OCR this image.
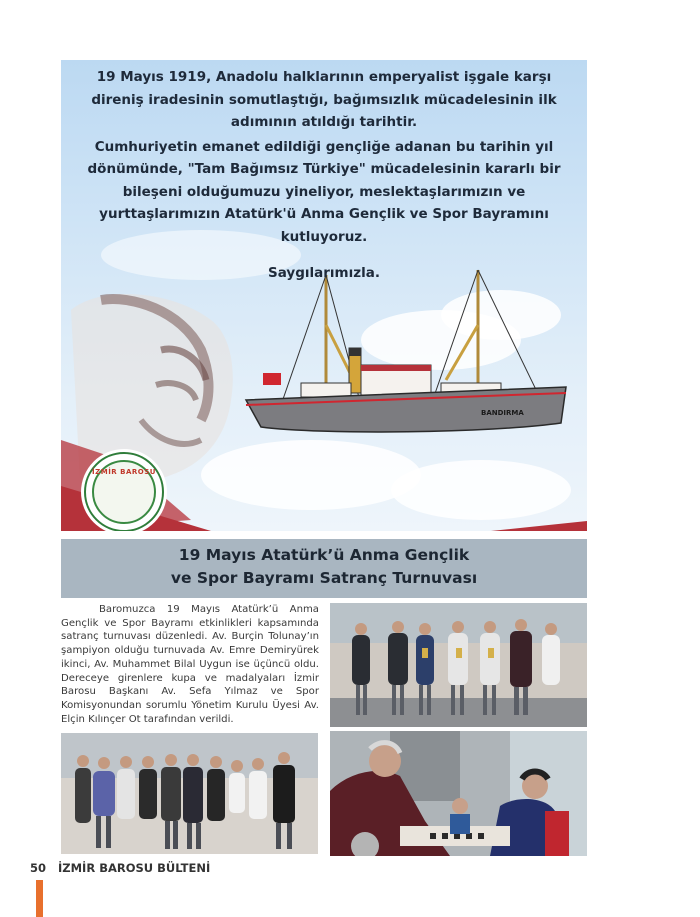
BANDIRMA
İZMİR BAROSU

19 Mayıs 1919, Anadolu halklarının emperyalist işgale karşı
direniş iradesinin somutlaştığı, bağımsızlık mücadelesinin ilk
adımının atıldığı tarihtir.

Cumhuriyetin emanet edildiği gençliğe adanan bu tarihin yıl
dönümünde, "Tam Bağımsız Türkiye" mücadelesinin kararlı bir
bileşeni olduğumuzu yineliyor, meslektaşlarımızın ve
yurttaşlarımızın Atatürk'ü Anma Gençlik ve Spor Bayramını
kutluyoruz.

Saygılarımızla.

19 Mayıs Atatürk’ü Anma Gençlik
ve Spor Bayramı Satranç Turnuvası

Baromuzca 19 Mayıs Atatürk’ü Anma Gençlik ve Spor Bayramı etkinlikleri kapsamında satranç turnuvası düzenledi. Av. Burçin Tolunay’ın şampiyon olduğu turnuvada Av. Emre Demiryürek ikinci, Av. Muhammet Bilal Uygun ise üçüncü oldu. Dereceye girenlere kupa ve madalyaları İzmir Barosu Başkanı Av. Sefa Yılmaz ve Spor Komisyonundan sorumlu Yönetim Kurulu Üyesi Av. Elçin Kılınçer Ot tarafından verildi.

50 İZMİR BAROSU BÜLTENİ
